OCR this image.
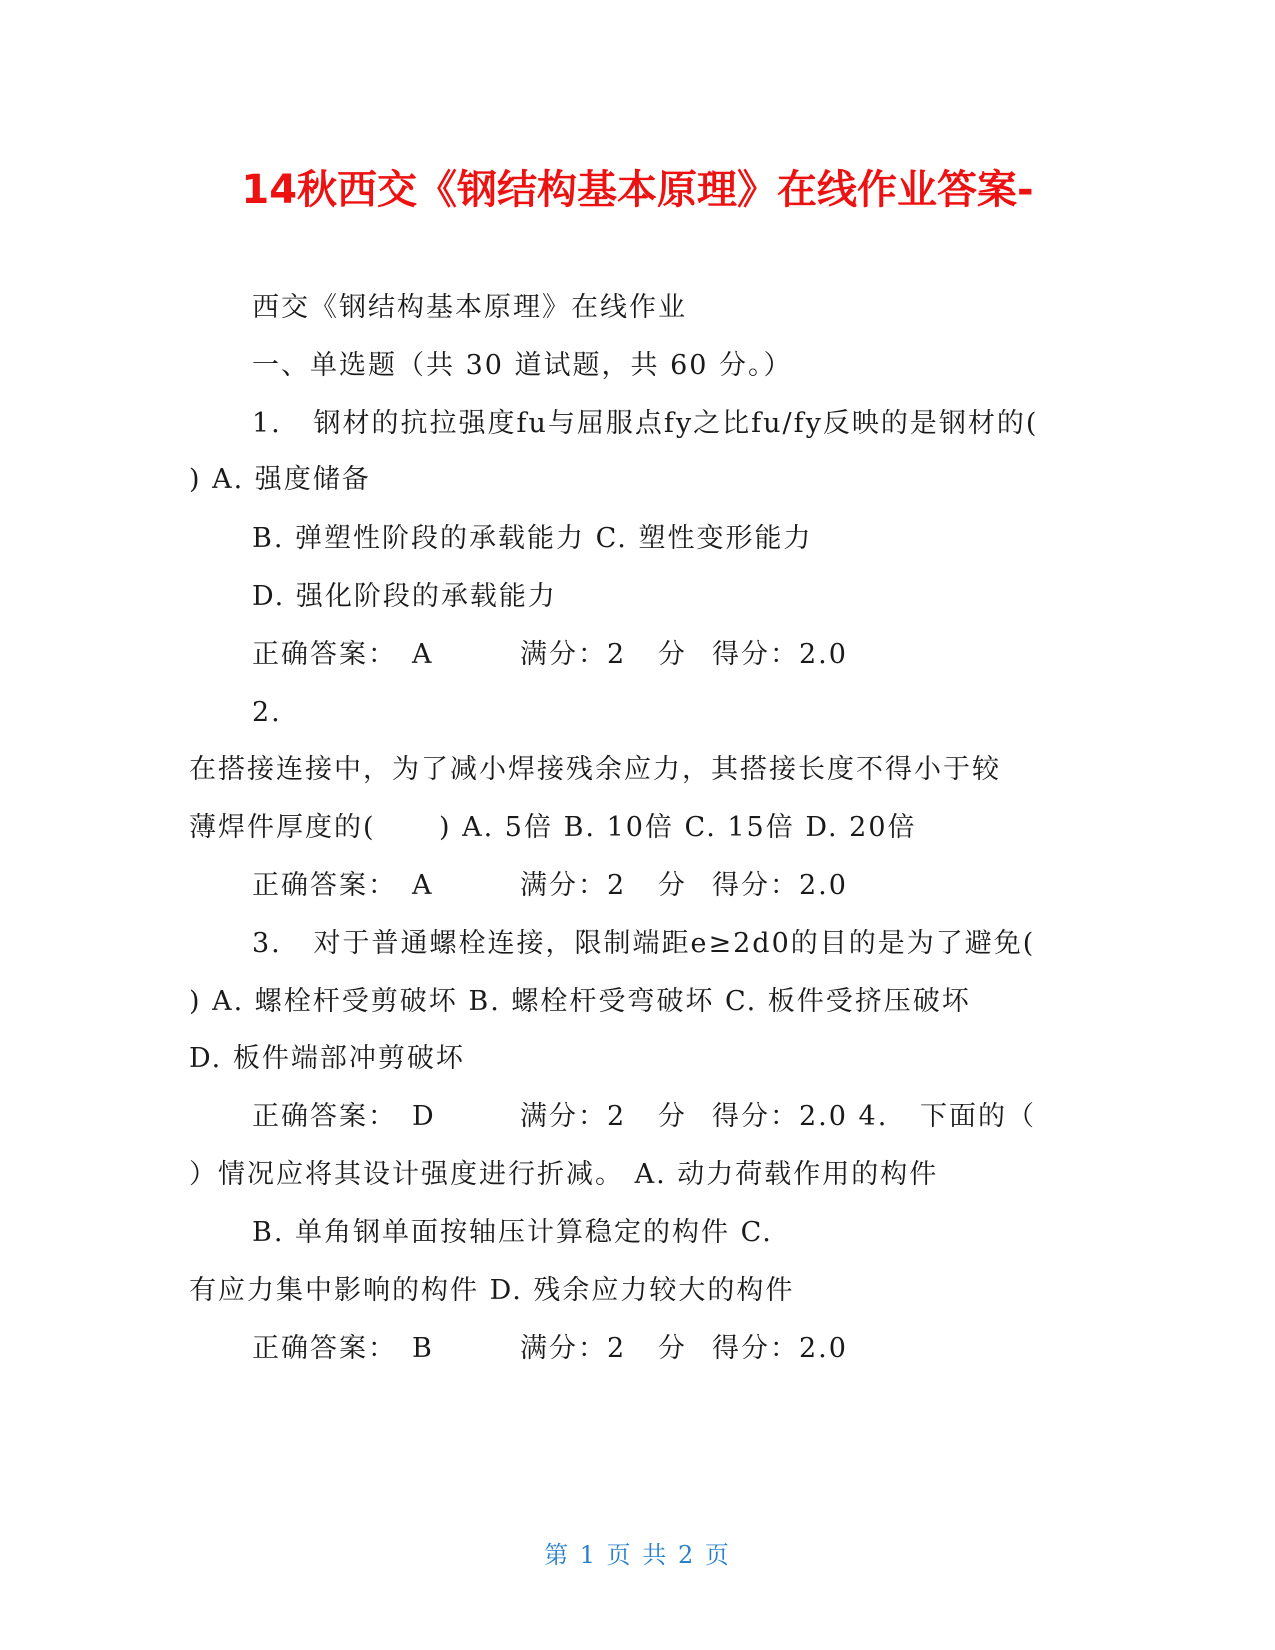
14秋西交《钢结构基本原理》在线作业答案-
西交《钢结构基本原理》在线作业
一、单选题（共 30 道试题，共 60 分。）
1.   钢材的抗拉强度fu与屈服点fy之比fu/fy反映的是钢材的(
) A. 强度储备
B. 弹塑性阶段的承载能力 C. 塑性变形能力
D. 强化阶段的承载能力

正确答案：

A

	满分：2   分

得分：2.0

2.
在搭接连接中，为了减小焊接残余应力，其搭接长度不得小于较
薄焊件厚度的(      ) A. 5倍 B. 10倍 C. 15倍 D. 20倍

正确答案：

A

	满分：2   分

得分：2.0

3.   对于普通螺栓连接，限制端距e≥2d0的目的是为了避免(
) A. 螺栓杆受剪破坏 B. 螺栓杆受弯破坏 C. 板件受挤压破坏
D. 板件端部冲剪破坏

正确答案：

D

	满分：2   分

得分：2.0 4.   下面的（

）情况应将其设计强度进行折减。 A. 动力荷载作用的构件
B. 单角钢单面按轴压计算稳定的构件 C.
有应力集中影响的构件 D. 残余应力较大的构件

正确答案：

B

	满分：2   分

得分：2.0

第 1 页 共 2 页
